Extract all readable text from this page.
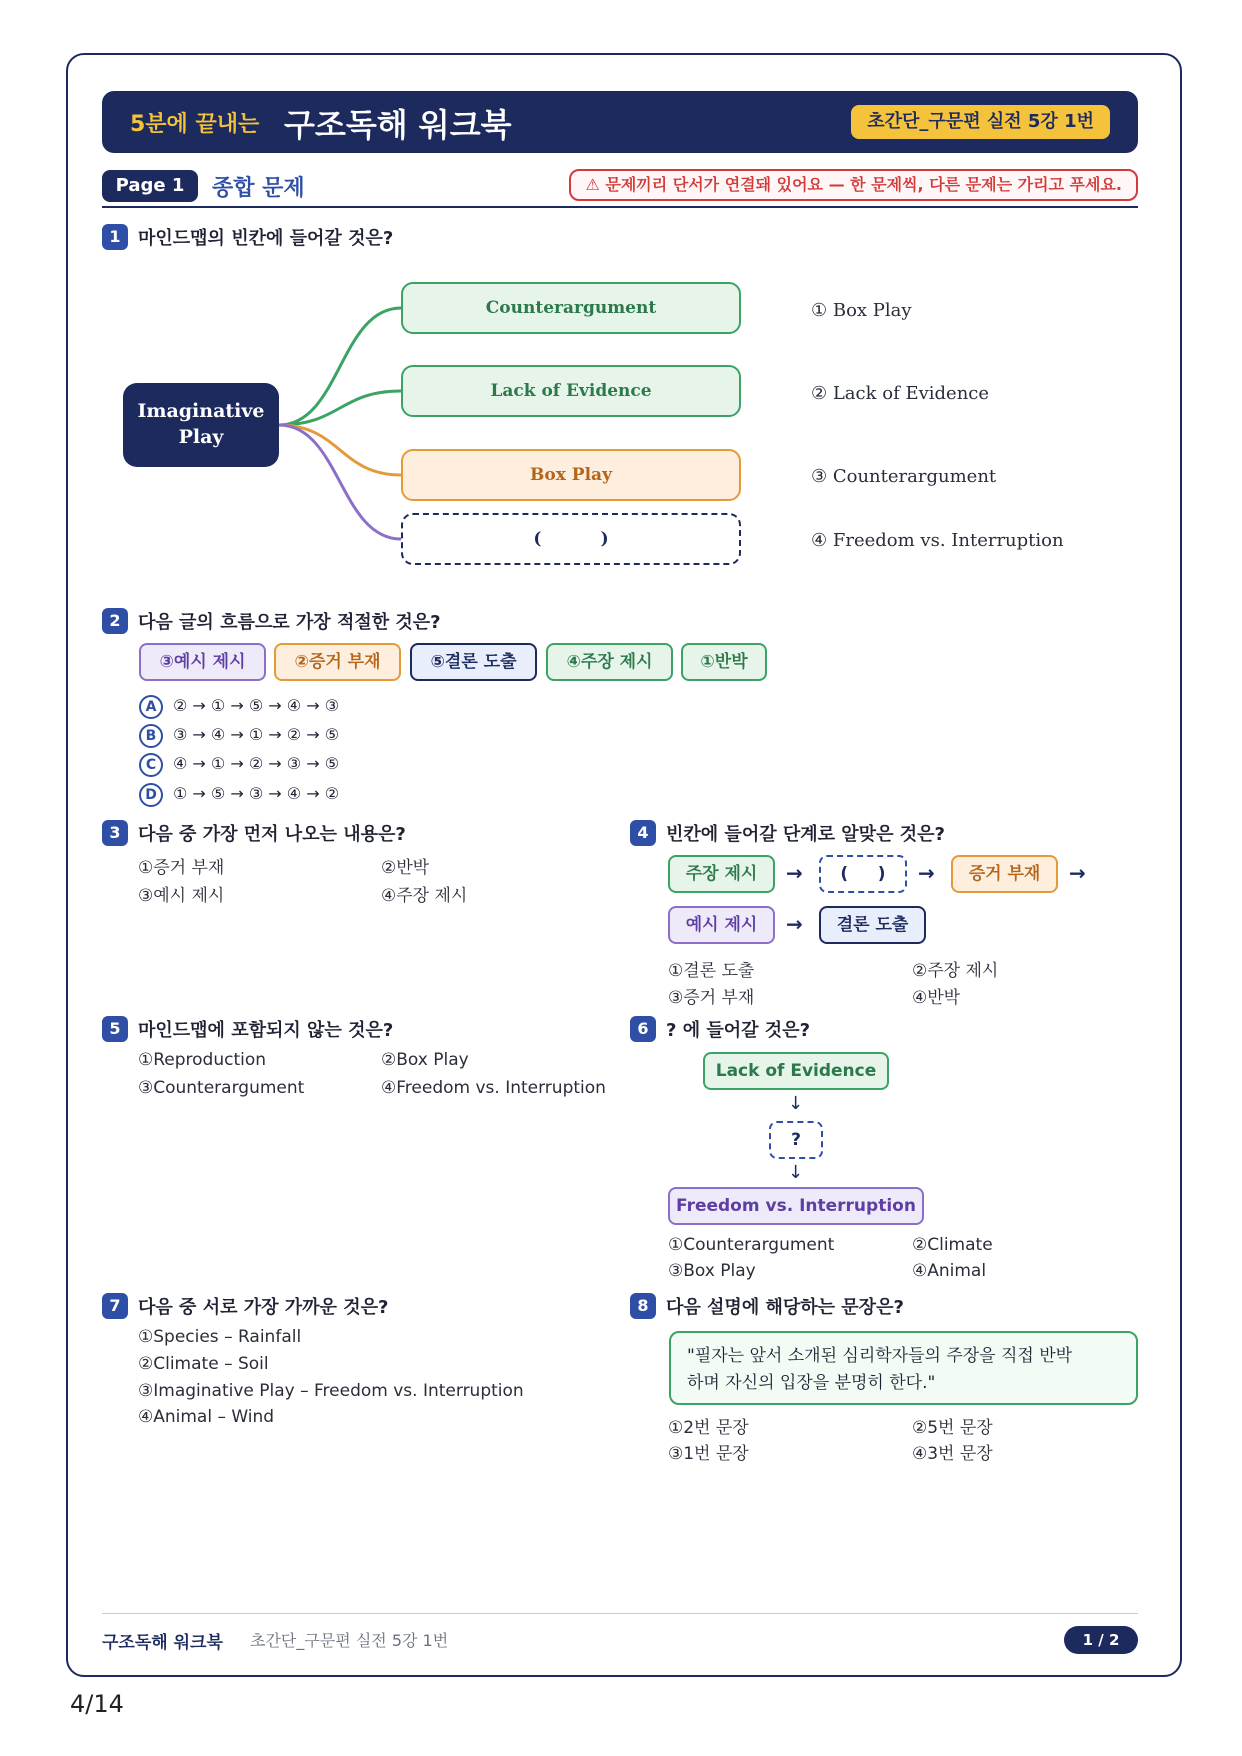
5분에 끝내는 구조독해 워크북	초간단_구문편 실전 5강 1번
Page 1	종합 문제	⚠ 문제끼리 단서가 연결돼 있어요 — 한 문제씩, 다른 문제는 가리고 푸세요.
1 마인드맵의 빈칸에 들어갈 것은?
Imaginative
Play
Counterargument
Lack of Evidence
Box Play
(          )
① Box Play
② Lack of Evidence
③ Counterargument
④ Freedom vs. Interruption
2 다음 글의 흐름으로 가장 적절한 것은?
③예시 제시	②증거 부재	⑤결론 도출	④주장 제시	①반박
A ② → ① → ⑤ → ④ → ③
B ③ → ④ → ① → ② → ⑤
C ④ → ① → ② → ③ → ⑤
D ① → ⑤ → ③ → ④ → ②
3 다음 중 가장 먼저 나오는 내용은?
①증거 부재	②반박
③예시 제시	④주장 제시
4 빈칸에 들어갈 단계로 알맞은 것은?
주장 제시	→	(     )	→	증거 부재	→
예시 제시	→	결론 도출
①결론 도출	②주장 제시
③증거 부재	④반박
5 마인드맵에 포함되지 않는 것은?
①Reproduction	②Box Play
③Counterargument	④Freedom vs. Interruption
6 ? 에 들어갈 것은?
Lack of Evidence
↓
?
↓
Freedom vs. Interruption
①Counterargument	②Climate
③Box Play	④Animal
7 다음 중 서로 가장 가까운 것은?
①Species – Rainfall
②Climate – Soil
③Imaginative Play – Freedom vs. Interruption
④Animal – Wind
8 다음 설명에 해당하는 문장은?
"필자는 앞서 소개된 심리학자들의 주장을 직접 반박
하며 자신의 입장을 분명히 한다."
①2번 문장	②5번 문장
③1번 문장	④3번 문장
구조독해 워크북 초간단_구문편 실전 5강 1번	1 / 2
4/14
